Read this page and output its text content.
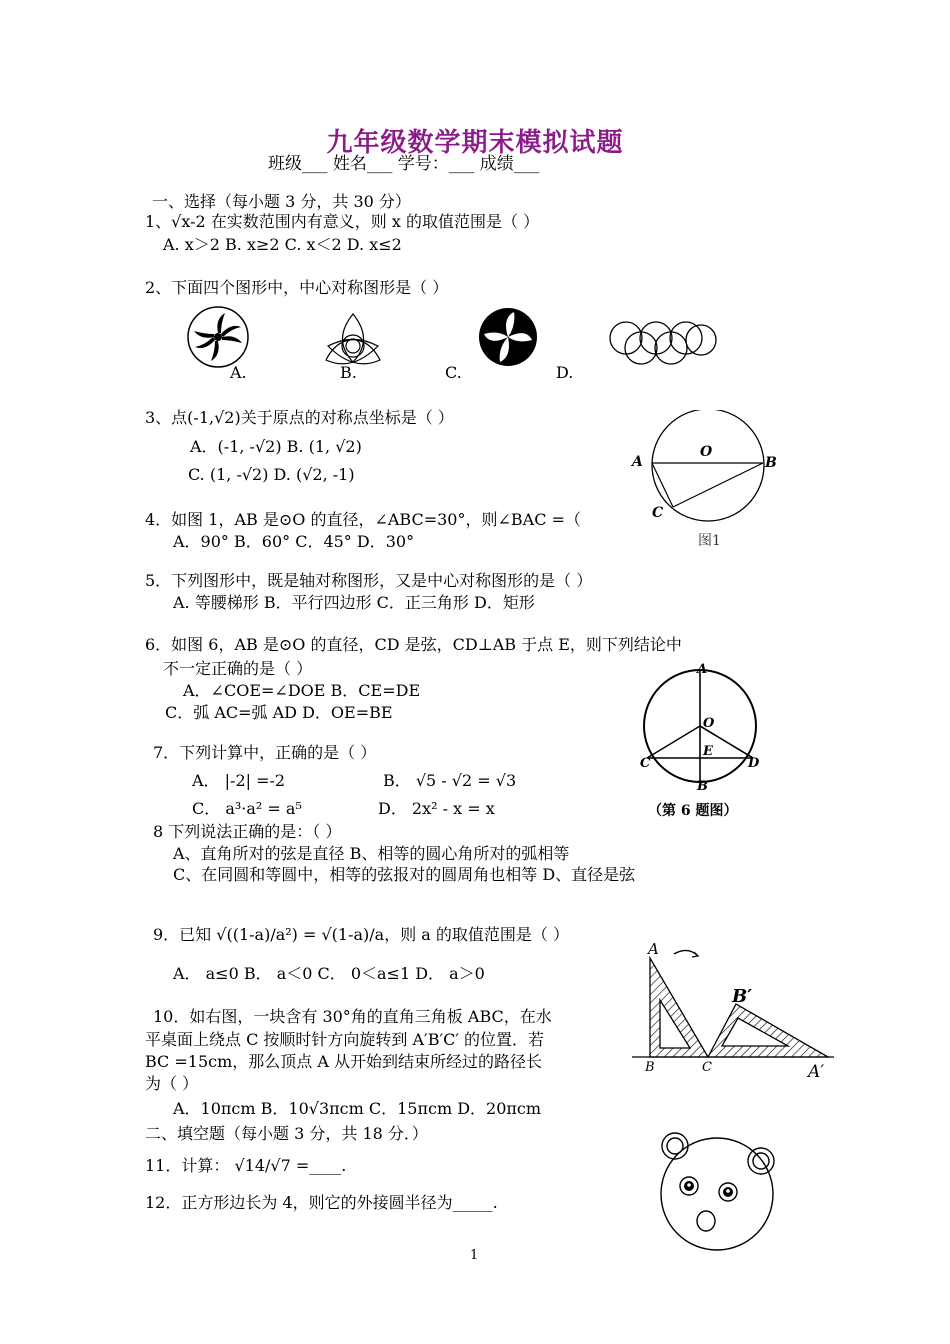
九年级数学期末模拟试题
班级___ 姓名___ 学号：___ 成绩___
一、选择（每小题 3 分，共 30 分）
1、√x-2 在实数范围内有意义，则 x 的取值范围是（ ）
A. x＞2 B. x≥2 C. x＜2 D. x≤2
2、下面四个图形中，中心对称图形是（ ）
A.	B.	C.	D.
3、点(-1,√2)关于原点的对称点坐标是（ ）
A．(-1, -√2) B. (1, √2)
C. (1, -√2) D. (√2, -1)
O
A	B
C
图1
4．如图 1，AB 是⊙O 的直径，∠ABC=30°，则∠BAC =（
A．90° B．60° C．45° D．30°
5．下列图形中，既是轴对称图形，又是中心对称图形的是（ ）
A. 等腰梯形 B．平行四边形 C．正三角形 D．矩形
6．如图 6，AB 是⊙O 的直径，CD 是弦，CD⊥AB 于点 E，则下列结论中
不一定正确的是（ ）
A．∠COE=∠DOE B．CE=DE
C．弧 AC=弧 AD D．OE=BE
A
O
E
C	D
B
（第 6 题图）
7．下列计算中，正确的是（ ）
A． |-2| =-2	B． √5 - √2 = √3
C． a³·a² = a⁵	D． 2x² - x = x
8 下列说法正确的是：（ ）
A、直角所对的弦是直径 B、相等的圆心角所对的弧相等
C、在同圆和等圆中，相等的弦报对的圆周角也相等 D、直径是弦
9．已知 √((1-a)/a²) = √(1-a)/a，则 a 的取值范围是（ ）
A． a≤0 B． a＜0 C． 0＜a≤1 D． a＞0
A
B′
B	C	A′
10．如右图，一块含有 30°角的直角三角板 ABC，在水
平桌面上绕点 C 按顺时针方向旋转到 A′B′C′ 的位置．若
BC =15cm，那么顶点 A 从开始到结束所经过的路径长
为（ ）
A．10πcm B．10√3πcm C．15πcm D．20πcm
二、填空题（每小题 3 分，共 18 分．）
11．计算： √14/√7 =____.
12．正方形边长为 4，则它的外接圆半径为_____.
1
